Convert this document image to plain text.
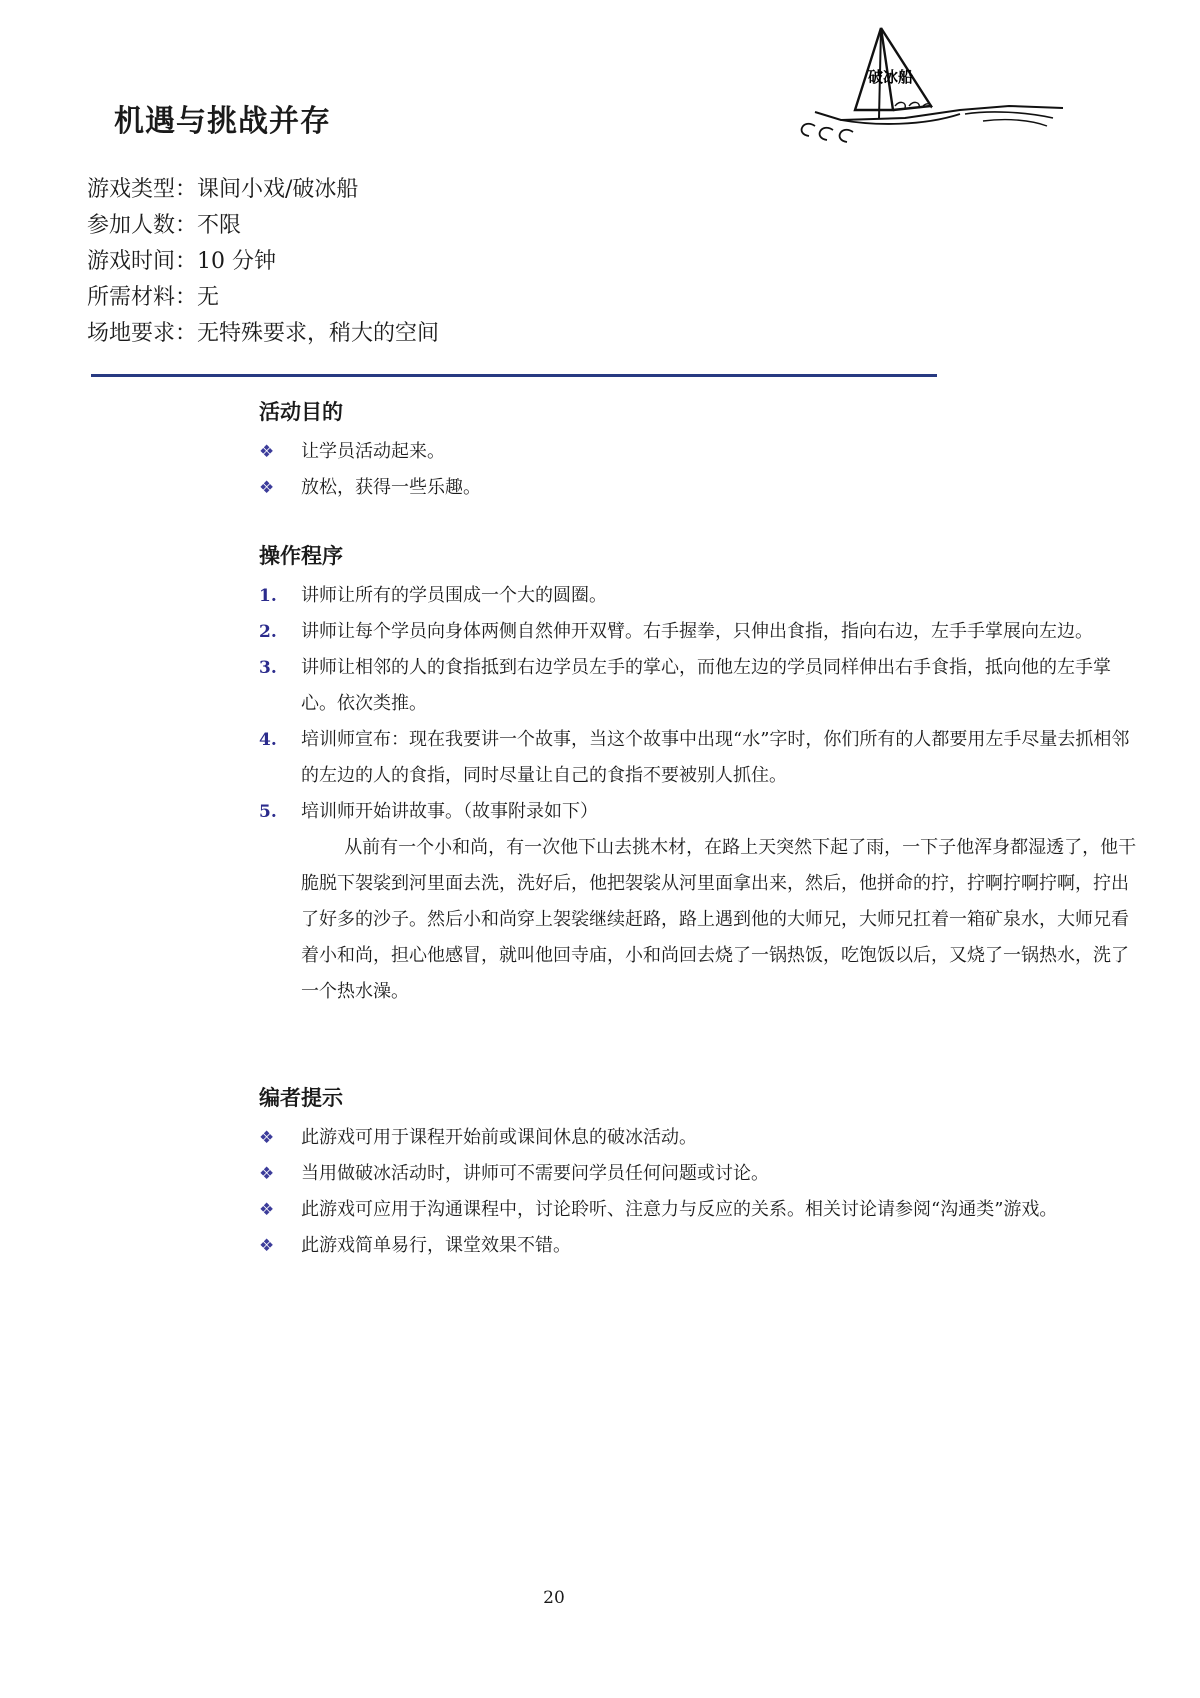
机遇与挑战并存
破冰船
游戏类型：课间小戏/破冰船
参加人数：不限
游戏时间：10 分钟
所需材料：无
场地要求：无特殊要求，稍大的空间
活动目的
❖ 让学员活动起来。
❖ 放松，获得一些乐趣。
操作程序
1. 讲师让所有的学员围成一个大的圆圈。
2. 讲师让每个学员向身体两侧自然伸开双臂。右手握拳，只伸出食指，指向右边，左手手掌展向左边。
3. 讲师让相邻的人的食指抵到右边学员左手的掌心，而他左边的学员同样伸出右手食指，抵向他的左手掌心。依次类推。
4. 培训师宣布：现在我要讲一个故事，当这个故事中出现“水”字时，你们所有的人都要用左手尽量去抓相邻的左边的人的食指，同时尽量让自己的食指不要被别人抓住。
5. 培训师开始讲故事。（故事附录如下）
从前有一个小和尚，有一次他下山去挑木材，在路上天突然下起了雨，一下子他浑身都湿透了，他干脆脱下袈裟到河里面去洗，洗好后，他把袈裟从河里面拿出来，然后，他拼命的拧，拧啊拧啊拧啊，拧出了好多的沙子。然后小和尚穿上袈裟继续赶路，路上遇到他的大师兄，大师兄扛着一箱矿泉水，大师兄看着小和尚，担心他感冒，就叫他回寺庙，小和尚回去烧了一锅热饭，吃饱饭以后，又烧了一锅热水，洗了一个热水澡。
编者提示
❖ 此游戏可用于课程开始前或课间休息的破冰活动。
❖ 当用做破冰活动时，讲师可不需要问学员任何问题或讨论。
❖ 此游戏可应用于沟通课程中，讨论聆听、注意力与反应的关系。相关讨论请参阅“沟通类”游戏。
❖ 此游戏简单易行，课堂效果不错。
20
